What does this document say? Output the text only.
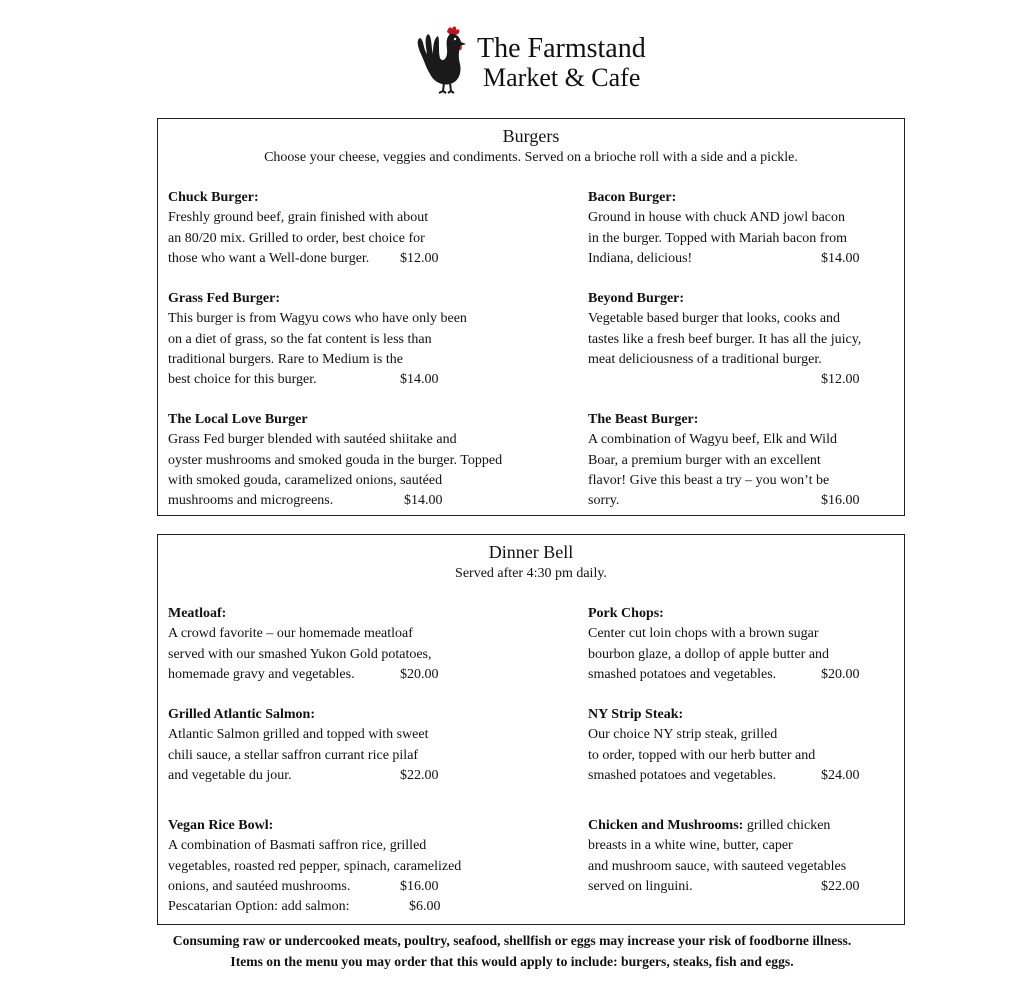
The Farmstand
Market & Cafe
Burgers
Choose your cheese, veggies and condiments. Served on a brioche roll with a side and a pickle.
Chuck Burger:
Freshly ground beef, grain finished with about
an 80/20 mix. Grilled to order, best choice for
those who want a Well-done burger. $12.00
Bacon Burger:
Ground in house with chuck AND jowl bacon
in the burger. Topped with Mariah bacon from
Indiana, delicious!	$14.00
Grass Fed Burger:
This burger is from Wagyu cows who have only been
on a diet of grass, so the fat content is less than
traditional burgers. Rare to Medium is the
best choice for this burger.	$14.00
Beyond Burger:
Vegetable based burger that looks, cooks and
tastes like a fresh beef burger. It has all the juicy,
meat deliciousness of a traditional burger.
$12.00
The Local Love Burger
Grass Fed burger blended with sautéed shiitake and
oyster mushrooms and smoked gouda in the burger. Topped
with smoked gouda, caramelized onions, sautéed
mushrooms and microgreens.	$14.00
The Beast Burger:
A combination of Wagyu beef, Elk and Wild
Boar, a premium burger with an excellent
flavor! Give this beast a try – you won’t be
sorry.	$16.00
Dinner Bell
Served after 4:30 pm daily.
Meatloaf:
A crowd favorite – our homemade meatloaf
served with our smashed Yukon Gold potatoes,
homemade gravy and vegetables.	$20.00
Pork Chops:
Center cut loin chops with a brown sugar
bourbon glaze, a dollop of apple butter and
smashed potatoes and vegetables.	$20.00
Grilled Atlantic Salmon:
Atlantic Salmon grilled and topped with sweet
chili sauce, a stellar saffron currant rice pilaf
and vegetable du jour.	$22.00
NY Strip Steak:
Our choice NY strip steak, grilled
to order, topped with our herb butter and
smashed potatoes and vegetables.	$24.00
Vegan Rice Bowl:
A combination of Basmati saffron rice, grilled
vegetables, roasted red pepper, spinach, caramelized
onions, and sautéed mushrooms.	$16.00
Pescatarian Option: add salmon:	$6.00
Chicken and Mushrooms: grilled chicken
breasts in a white wine, butter, caper
and mushroom sauce, with sauteed vegetables
served on linguini.	$22.00
Consuming raw or undercooked meats, poultry, seafood, shellfish or eggs may increase your risk of foodborne illness.
Items on the menu you may order that this would apply to include: burgers, steaks, fish and eggs.
